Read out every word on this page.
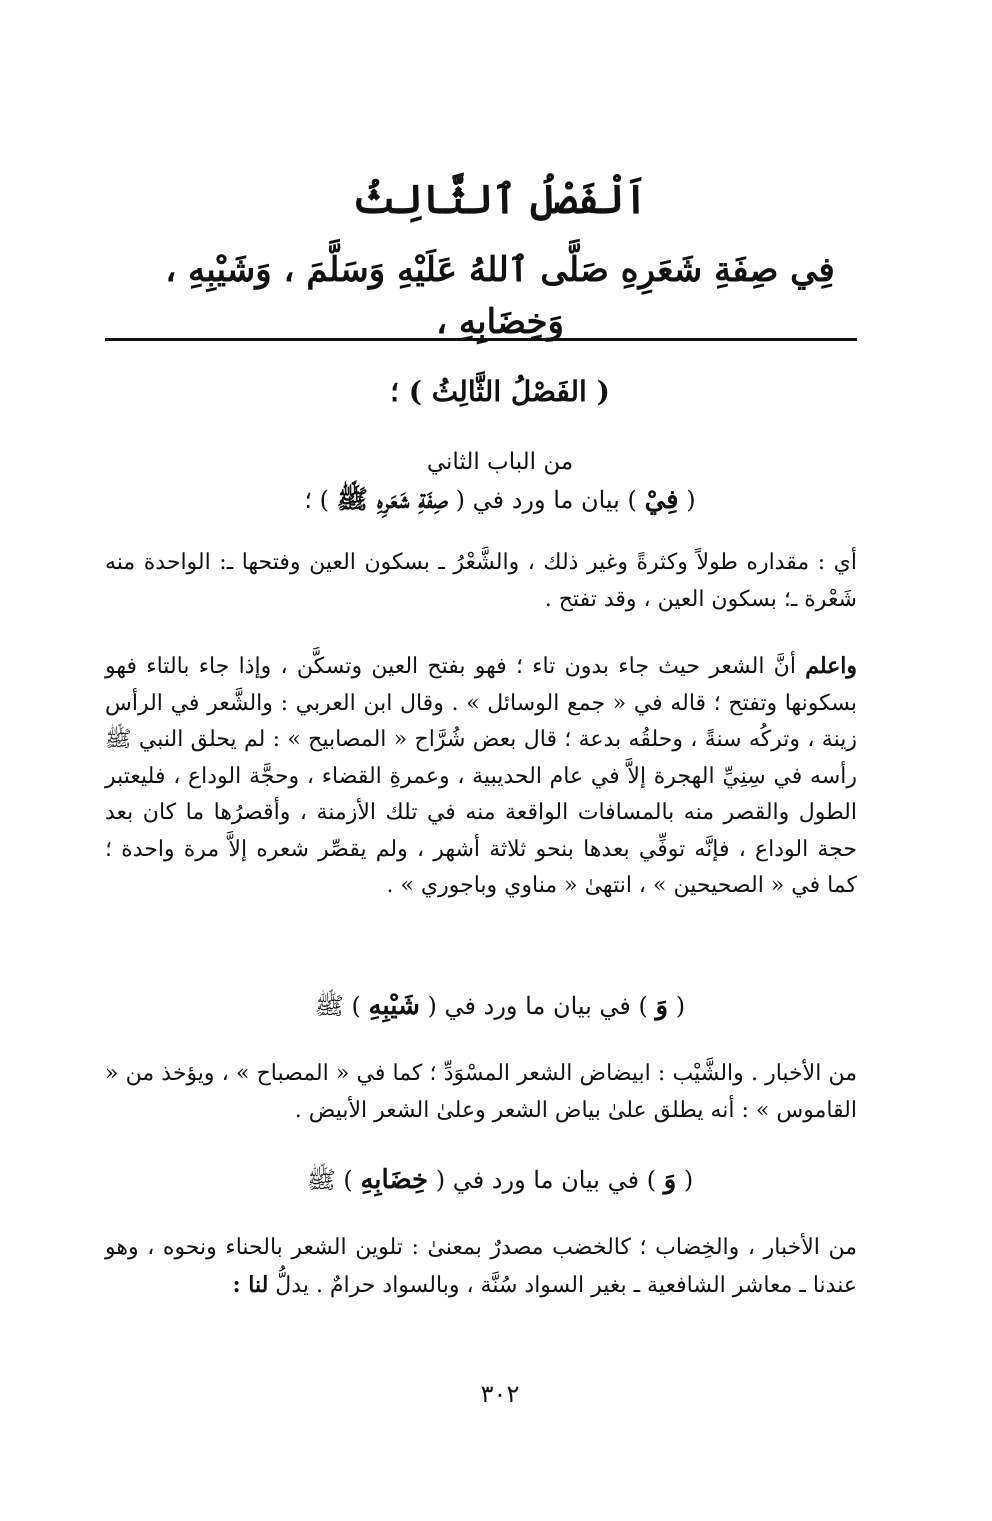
اَلْفَصْلُ ٱلثَّالِثُ
فِي صِفَةِ شَعَرِهِ صَلَّى ٱللهُ عَلَيْهِ وَسَلَّمَ ، وَشَيْبِهِ ، وَخِضَابِهِ ،
( الفَصْلُ الثَّالِثُ ) ؛
من الباب الثاني
( فِيْ ) بيان ما ورد في ( صِفَةِ شَعَرِهِ ﷺ ) ؛

أي : مقداره طولاً وكثرةً وغير ذلك ، والشَّعْرُ ـ بسكون العين وفتحها ـ: الواحدة منه شَعْرة ـ؛ بسكون العين ، وقد تفتح .

واعلم أنَّ الشعر حيث جاء بدون تاء ؛ فهو بفتح العين وتسكَّن ، وإذا جاء بالتاء فهو بسكونها وتفتح ؛ قاله في « جمع الوسائل » . وقال ابن العربي : والشَّعر في الرأس زينة ، وتركُه سنةً ، وحلقُه بدعة ؛ قال بعض شُرَّاح « المصابيح » : لم يحلق النبي ﷺ رأسه في سِنِيِّ الهجرة إلاَّ في عام الحديبية ، وعمرةِ القضاء ، وحجَّة الوداع ، فليعتبر الطول والقصر منه بالمسافات الواقعة منه في تلك الأزمنة ، وأقصرُها ما كان بعد حجة الوداع ، فإنَّه توفِّي بعدها بنحو ثلاثة أشهر ، ولم يقصِّر شعره إلاَّ مرة واحدة ؛ كما في « الصحيحين » ، انتهىٰ « مناوي وباجوري » .

( وَ ) في بيان ما ورد في ( شَيْبِهِ ) ﷺ

من الأخبار . والشَّيْب : ابيضاض الشعر المسْوَدِّ ؛ كما في « المصباح » ، ويؤخذ من « القاموس » : أنه يطلق علىٰ بياض الشعر وعلىٰ الشعر الأبيض .

( وَ ) في بيان ما ورد في ( خِضَابِهِ ) ﷺ

من الأخبار ، والخِضاب ؛ كالخضب مصدرٌ بمعنىٰ : تلوين الشعر بالحناء ونحوه ، وهو عندنا ـ معاشر الشافعية ـ بغير السواد سُنَّة ، وبالسواد حرامٌ . يدلُّ لنا :

٣٠٢
